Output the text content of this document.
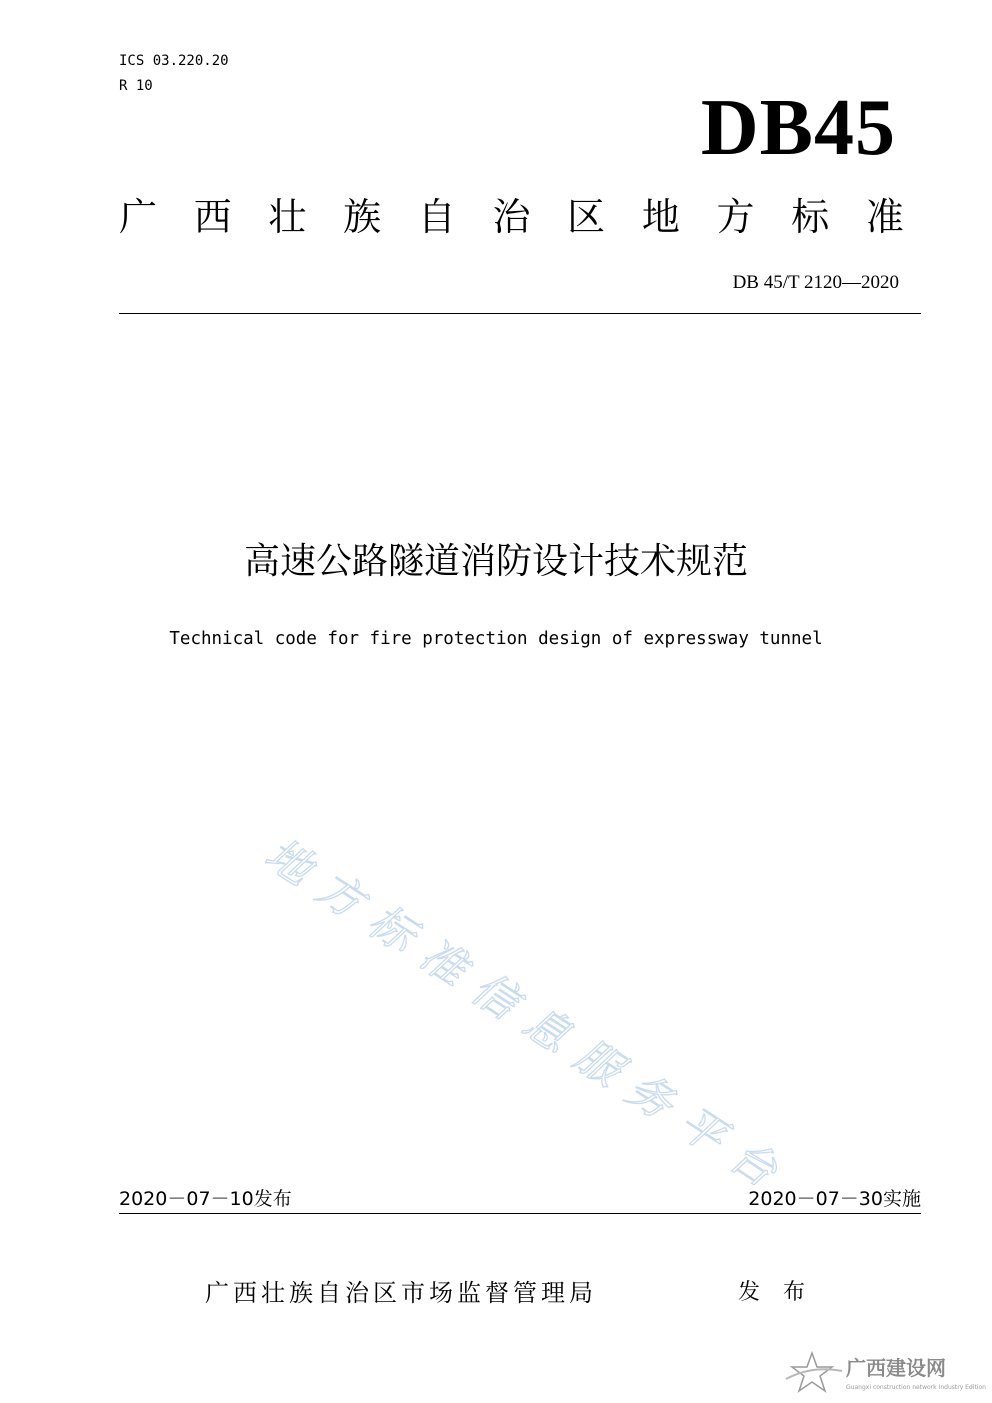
ICS 03.220.20
R 10	DB45
广 西 壮 族 自 治 区 地 方 标 准
DB 45/T 2120—2020
高速公路隧道消防设计技术规范
Technical code for fire protection design of expressway tunnel
地方标准信息服务平台
2020－07－10发布	2020－07－30实施
广西壮族自治区市场监督管理局	发 布
广西建设网
Guangxi construction network Industry Edition
